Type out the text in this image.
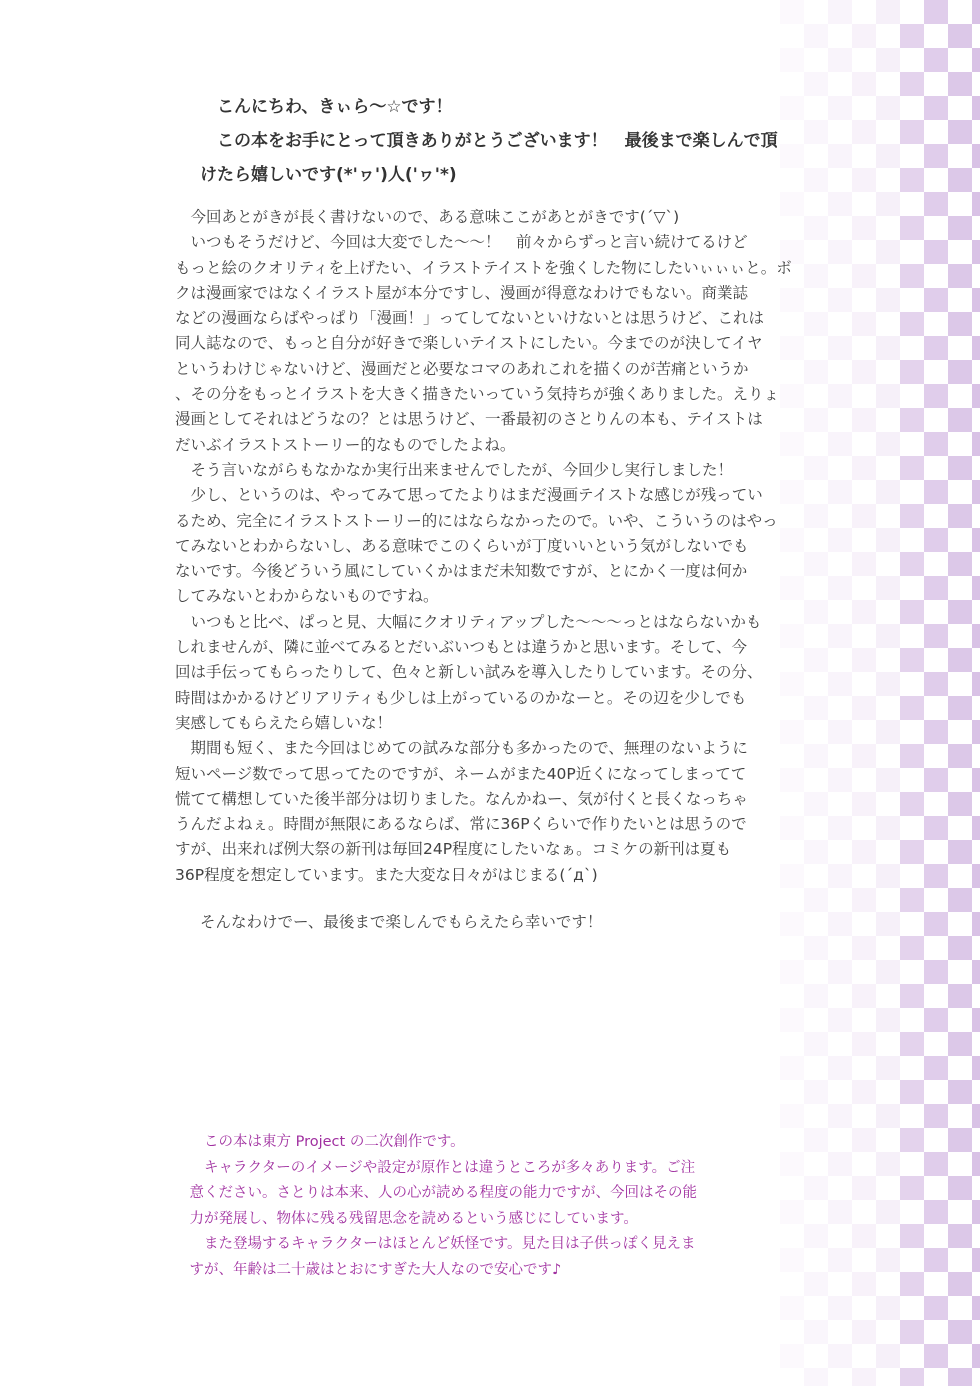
　こんにちわ、きぃら～☆です！

　この本をお手にとって頂きありがとうございます！　最後まで楽しんで頂

けたら嬉しいです(*'ヮ')人('ヮ'*)

　今回あとがきが長く書けないので、ある意味ここがあとがきです(´▽`)

　いつもそうだけど、今回は大変でした～～！　前々からずっと言い続けてるけど

もっと絵のクオリティを上げたい、イラストテイストを強くした物にしたいぃぃぃと。ボ

クは漫画家ではなくイラスト屋が本分ですし、漫画が得意なわけでもない。商業誌

などの漫画ならばやっぱり「漫画！」ってしてないといけないとは思うけど、これは

同人誌なので、もっと自分が好きで楽しいテイストにしたい。今までのが決してイヤ

というわけじゃないけど、漫画だと必要なコマのあれこれを描くのが苦痛というか

、その分をもっとイラストを大きく描きたいっていう気持ちが強くありました。えりょ

漫画としてそれはどうなの？とは思うけど、一番最初のさとりんの本も、テイストは

だいぶイラストストーリー的なものでしたよね。

　そう言いながらもなかなか実行出来ませんでしたが、今回少し実行しました！

　少し、というのは、やってみて思ってたよりはまだ漫画テイストな感じが残ってい

るため、完全にイラストストーリー的にはならなかったので。いや、こういうのはやっ

てみないとわからないし、ある意味でこのくらいが丁度いいという気がしないでも

ないです。今後どういう風にしていくかはまだ未知数ですが、とにかく一度は何か

してみないとわからないものですね。

　いつもと比べ、ぱっと見、大幅にクオリティアップした～～～っとはならないかも

しれませんが、隣に並べてみるとだいぶいつもとは違うかと思います。そして、今

回は手伝ってもらったりして、色々と新しい試みを導入したりしています。その分、

時間はかかるけどリアリティも少しは上がっているのかなーと。その辺を少しでも

実感してもらえたら嬉しいな！

　期間も短く、また今回はじめての試みな部分も多かったので、無理のないように

短いページ数でって思ってたのですが、ネームがまた40P近くになってしまってて

慌てて構想していた後半部分は切りました。なんかねー、気が付くと長くなっちゃ

うんだよねぇ。時間が無限にあるならば、常に36Pくらいで作りたいとは思うので

すが、出来れば例大祭の新刊は毎回24P程度にしたいなぁ。コミケの新刊は夏も

36P程度を想定しています。また大変な日々がはじまる(´д`)

そんなわけでー、最後まで楽しんでもらえたら幸いです！

　　この本は東方 Project の二次創作です。

　　キャラクターのイメージや設定が原作とは違うところが多々あります。ご注

　意ください。さとりは本来、人の心が読める程度の能力ですが、今回はその能

　力が発展し、物体に残る残留思念を読めるという感じにしています。

　　また登場するキャラクターはほとんど妖怪です。見た目は子供っぽく見えま

　すが、年齢は二十歳はとおにすぎた大人なので安心です♪
